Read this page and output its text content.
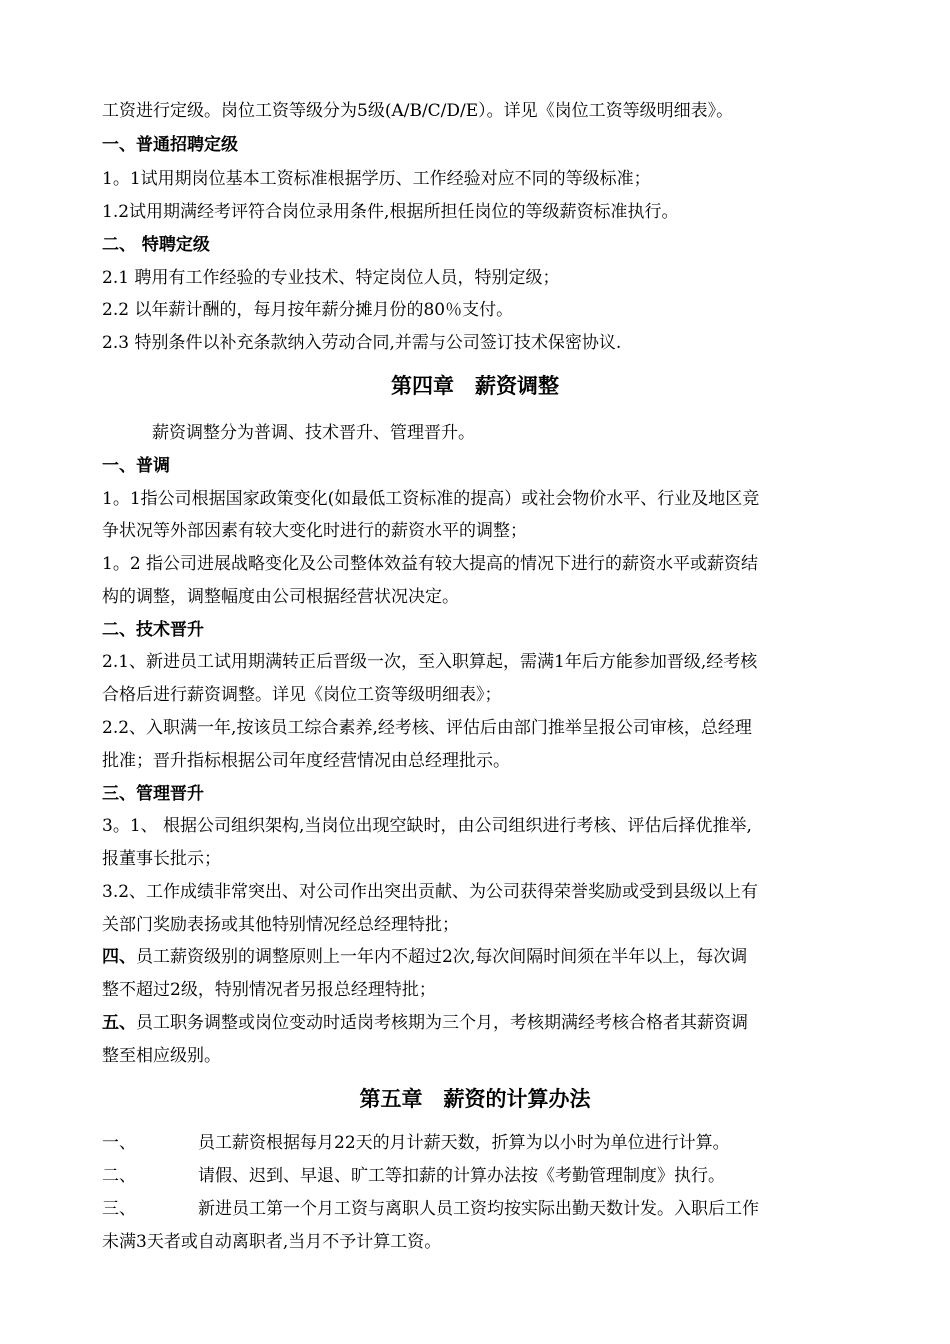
工资进行定级。岗位工资等级分为5级(A/B/C/D/E）。详见《岗位工资等级明细表》。
一、普通招聘定级
1。1试用期岗位基本工资标准根据学历、工作经验对应不同的等级标准；
1.2试用期满经考评符合岗位录用条件,根据所担任岗位的等级薪资标准执行。
二、 特聘定级
2.1 聘用有工作经验的专业技术、特定岗位人员，特别定级；
2.2 以年薪计酬的，每月按年薪分摊月份的80％支付。
2.3 特别条件以补充条款纳入劳动合同,并需与公司签订技术保密协议.
第四章　薪资调整
薪资调整分为普调、技术晋升、管理晋升。
一、普调
1。1指公司根据国家政策变化(如最低工资标准的提高）或社会物价水平、行业及地区竞
争状况等外部因素有较大变化时进行的薪资水平的调整；
1。2 指公司进展战略变化及公司整体效益有较大提高的情况下进行的薪资水平或薪资结
构的调整，调整幅度由公司根据经营状况决定。
二、技术晋升
2.1、新进员工试用期满转正后晋级一次，至入职算起，需满1年后方能参加晋级,经考核
合格后进行薪资调整。详见《岗位工资等级明细表》；
2.2、入职满一年,按该员工综合素养,经考核、评估后由部门推举呈报公司审核，总经理
批准；晋升指标根据公司年度经营情况由总经理批示。
三、管理晋升
3。1、 根据公司组织架构,当岗位出现空缺时，由公司组织进行考核、评估后择优推举,
报董事长批示；
3.2、工作成绩非常突出、对公司作出突出贡献、为公司获得荣誉奖励或受到县级以上有
关部门奖励表扬或其他特别情况经总经理特批；
四、员工薪资级别的调整原则上一年内不超过2次,每次间隔时间须在半年以上，每次调
整不超过2级，特别情况者另报总经理特批；
五、员工职务调整或岗位变动时适岗考核期为三个月，考核期满经考核合格者其薪资调
整至相应级别。
第五章　薪资的计算办法
一、	员工薪资根据每月22天的月计薪天数，折算为以小时为单位进行计算。
二、	请假、迟到、早退、旷工等扣薪的计算办法按《考勤管理制度》执行。
三、	新进员工第一个月工资与离职人员工资均按实际出勤天数计发。入职后工作
未满3天者或自动离职者,当月不予计算工资。
